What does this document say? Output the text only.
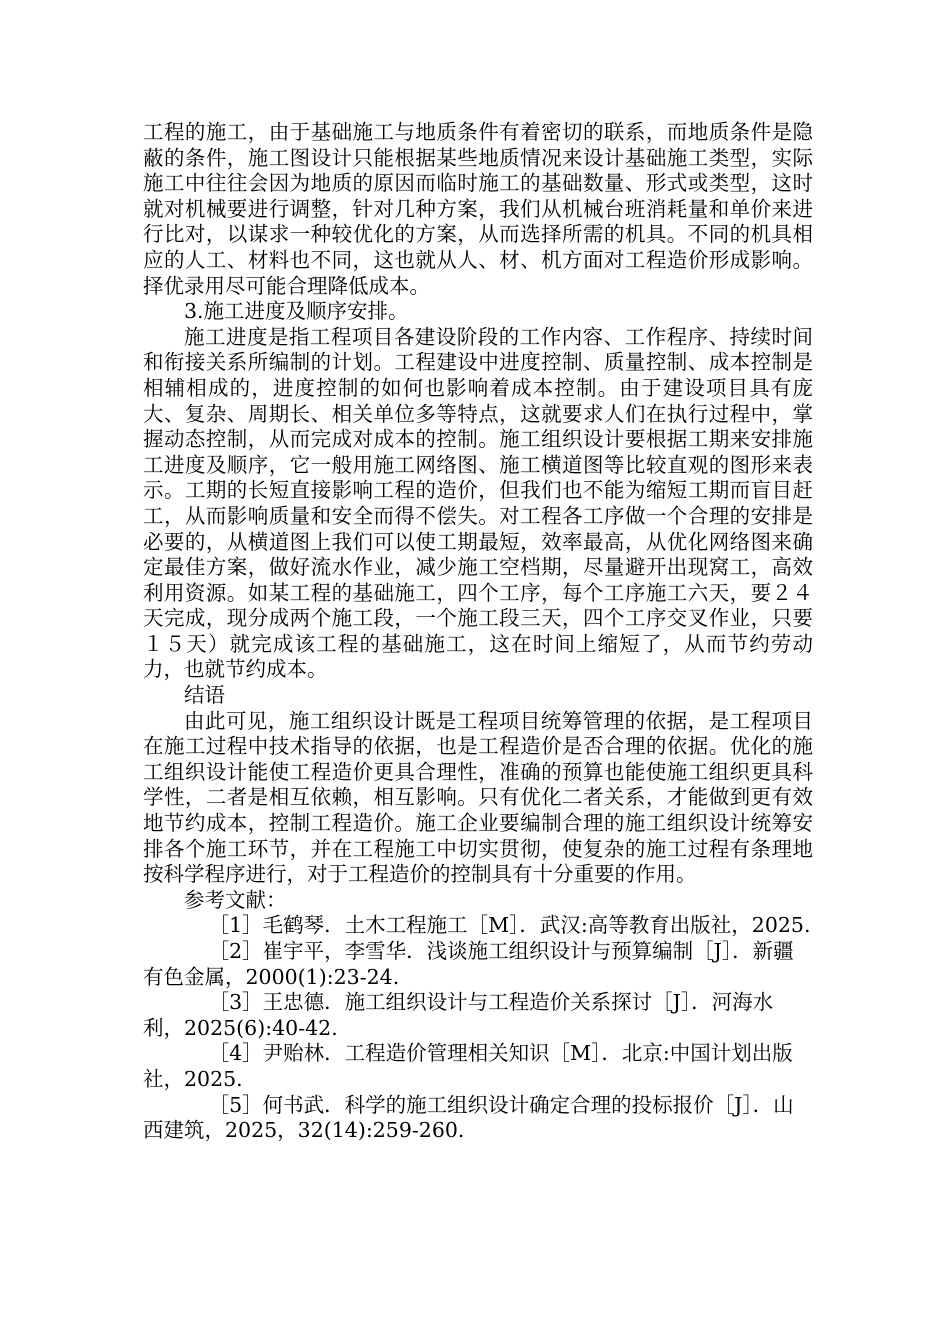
工程的施工，由于基础施工与地质条件有着密切的联系，而地质条件是隐蔽的条件，施工图设计只能根据某些地质情况来设计基础施工类型，实际施工中往往会因为地质的原因而临时施工的基础数量、形式或类型，这时就对机械要进行调整，针对几种方案，我们从机械台班消耗量和单价来进行比对，以谋求一种较优化的方案，从而选择所需的机具。不同的机具相应的人工、材料也不同，这也就从人、材、机方面对工程造价形成影响。择优录用尽可能合理降低成本。

3.施工进度及顺序安排。

施工进度是指工程项目各建设阶段的工作内容、工作程序、持续时间和衔接关系所编制的计划。工程建设中进度控制、质量控制、成本控制是相辅相成的，进度控制的如何也影响着成本控制。由于建设项目具有庞大、复杂、周期长、相关单位多等特点，这就要求人们在执行过程中，掌握动态控制，从而完成对成本的控制。施工组织设计要根据工期来安排施工进度及顺序，它一般用施工网络图、施工横道图等比较直观的图形来表示。工期的长短直接影响工程的造价，但我们也不能为缩短工期而盲目赶工，从而影响质量和安全而得不偿失。对工程各工序做一个合理的安排是必要的，从横道图上我们可以使工期最短，效率最高，从优化网络图来确定最佳方案，做好流水作业，减少施工空档期，尽量避开出现窝工，高效利用资源。如某工程的基础施工，四个工序，每个工序施工六天，要２４天完成，现分成两个施工段，一个施工段三天，四个工序交叉作业，只要１５天）就完成该工程的基础施工，这在时间上缩短了，从而节约劳动力，也就节约成本。

结语

由此可见，施工组织设计既是工程项目统筹管理的依据，是工程项目在施工过程中技术指导的依据，也是工程造价是否合理的依据。优化的施工组织设计能使工程造价更具合理性，准确的预算也能使施工组织更具科学性，二者是相互依赖，相互影响。只有优化二者关系，才能做到更有效地节约成本，控制工程造价。施工企业要编制合理的施工组织设计统筹安排各个施工环节，并在工程施工中切实贯彻，使复杂的施工过程有条理地按科学程序进行，对于工程造价的控制具有十分重要的作用。

参考文献：

［1］毛鹤琴．土木工程施工［M］．武汉:高等教育出版社，2025.

［2］崔宇平，李雪华．浅谈施工组织设计与预算编制［J］．新疆有色金属，2000(1):23-24.

［3］王忠德．施工组织设计与工程造价关系探讨［J］．河海水利，2025(6):40-42.

［4］尹贻林．工程造价管理相关知识［M］．北京:中国计划出版社，2025.

［5］何书武．科学的施工组织设计确定合理的投标报价［J］．山西建筑，2025，32(14):259-260.
